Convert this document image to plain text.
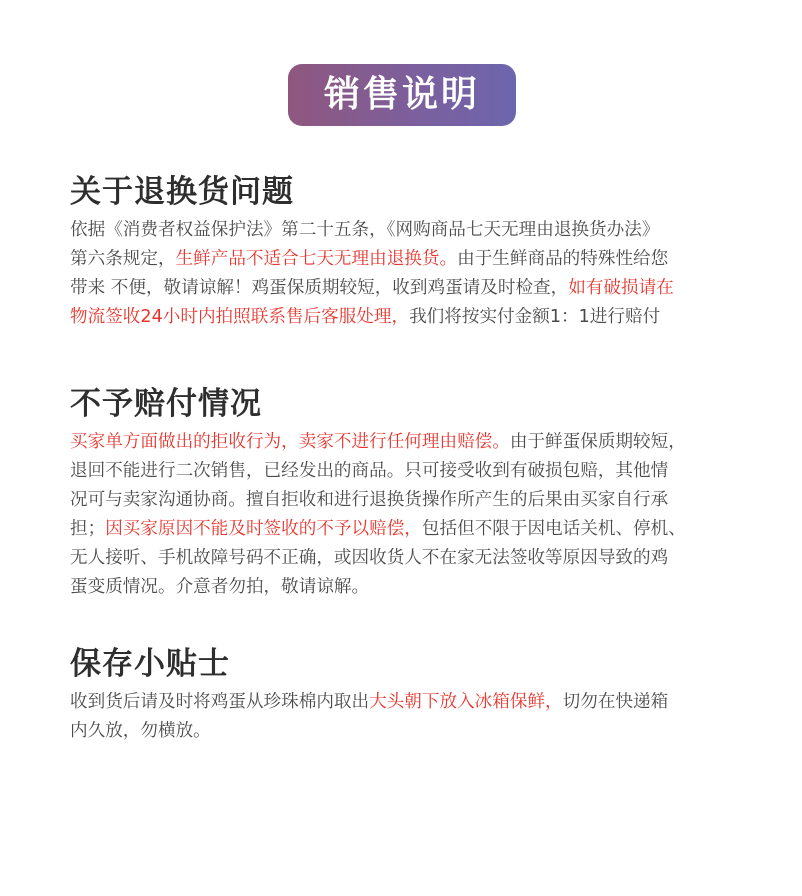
销售说明
关于退换货问题
依据《消费者权益保护法》第二十五条，《网购商品七天无理由退换货办法》
第六条规定，生鲜产品不适合七天无理由退换货。由于生鲜商品的特殊性给您
带来 不便，敬请谅解！鸡蛋保质期较短，收到鸡蛋请及时检查，如有破损请在
物流签收24小时内拍照联系售后客服处理，我们将按实付金额1：1进行赔付
不予赔付情况
买家单方面做出的拒收行为，卖家不进行任何理由赔偿。由于鲜蛋保质期较短，
退回不能进行二次销售，已经发出的商品。只可接受收到有破损包赔，其他情
况可与卖家沟通协商。擅自拒收和进行退换货操作所产生的后果由买家自行承
担；因买家原因不能及时签收的不予以赔偿，包括但不限于因电话关机、停机、
无人接听、手机故障号码不正确，或因收货人不在家无法签收等原因导致的鸡
蛋变质情况。介意者勿拍，敬请谅解。
保存小贴士
收到货后请及时将鸡蛋从珍珠棉内取出大头朝下放入冰箱保鲜，切勿在快递箱
内久放，勿横放。
